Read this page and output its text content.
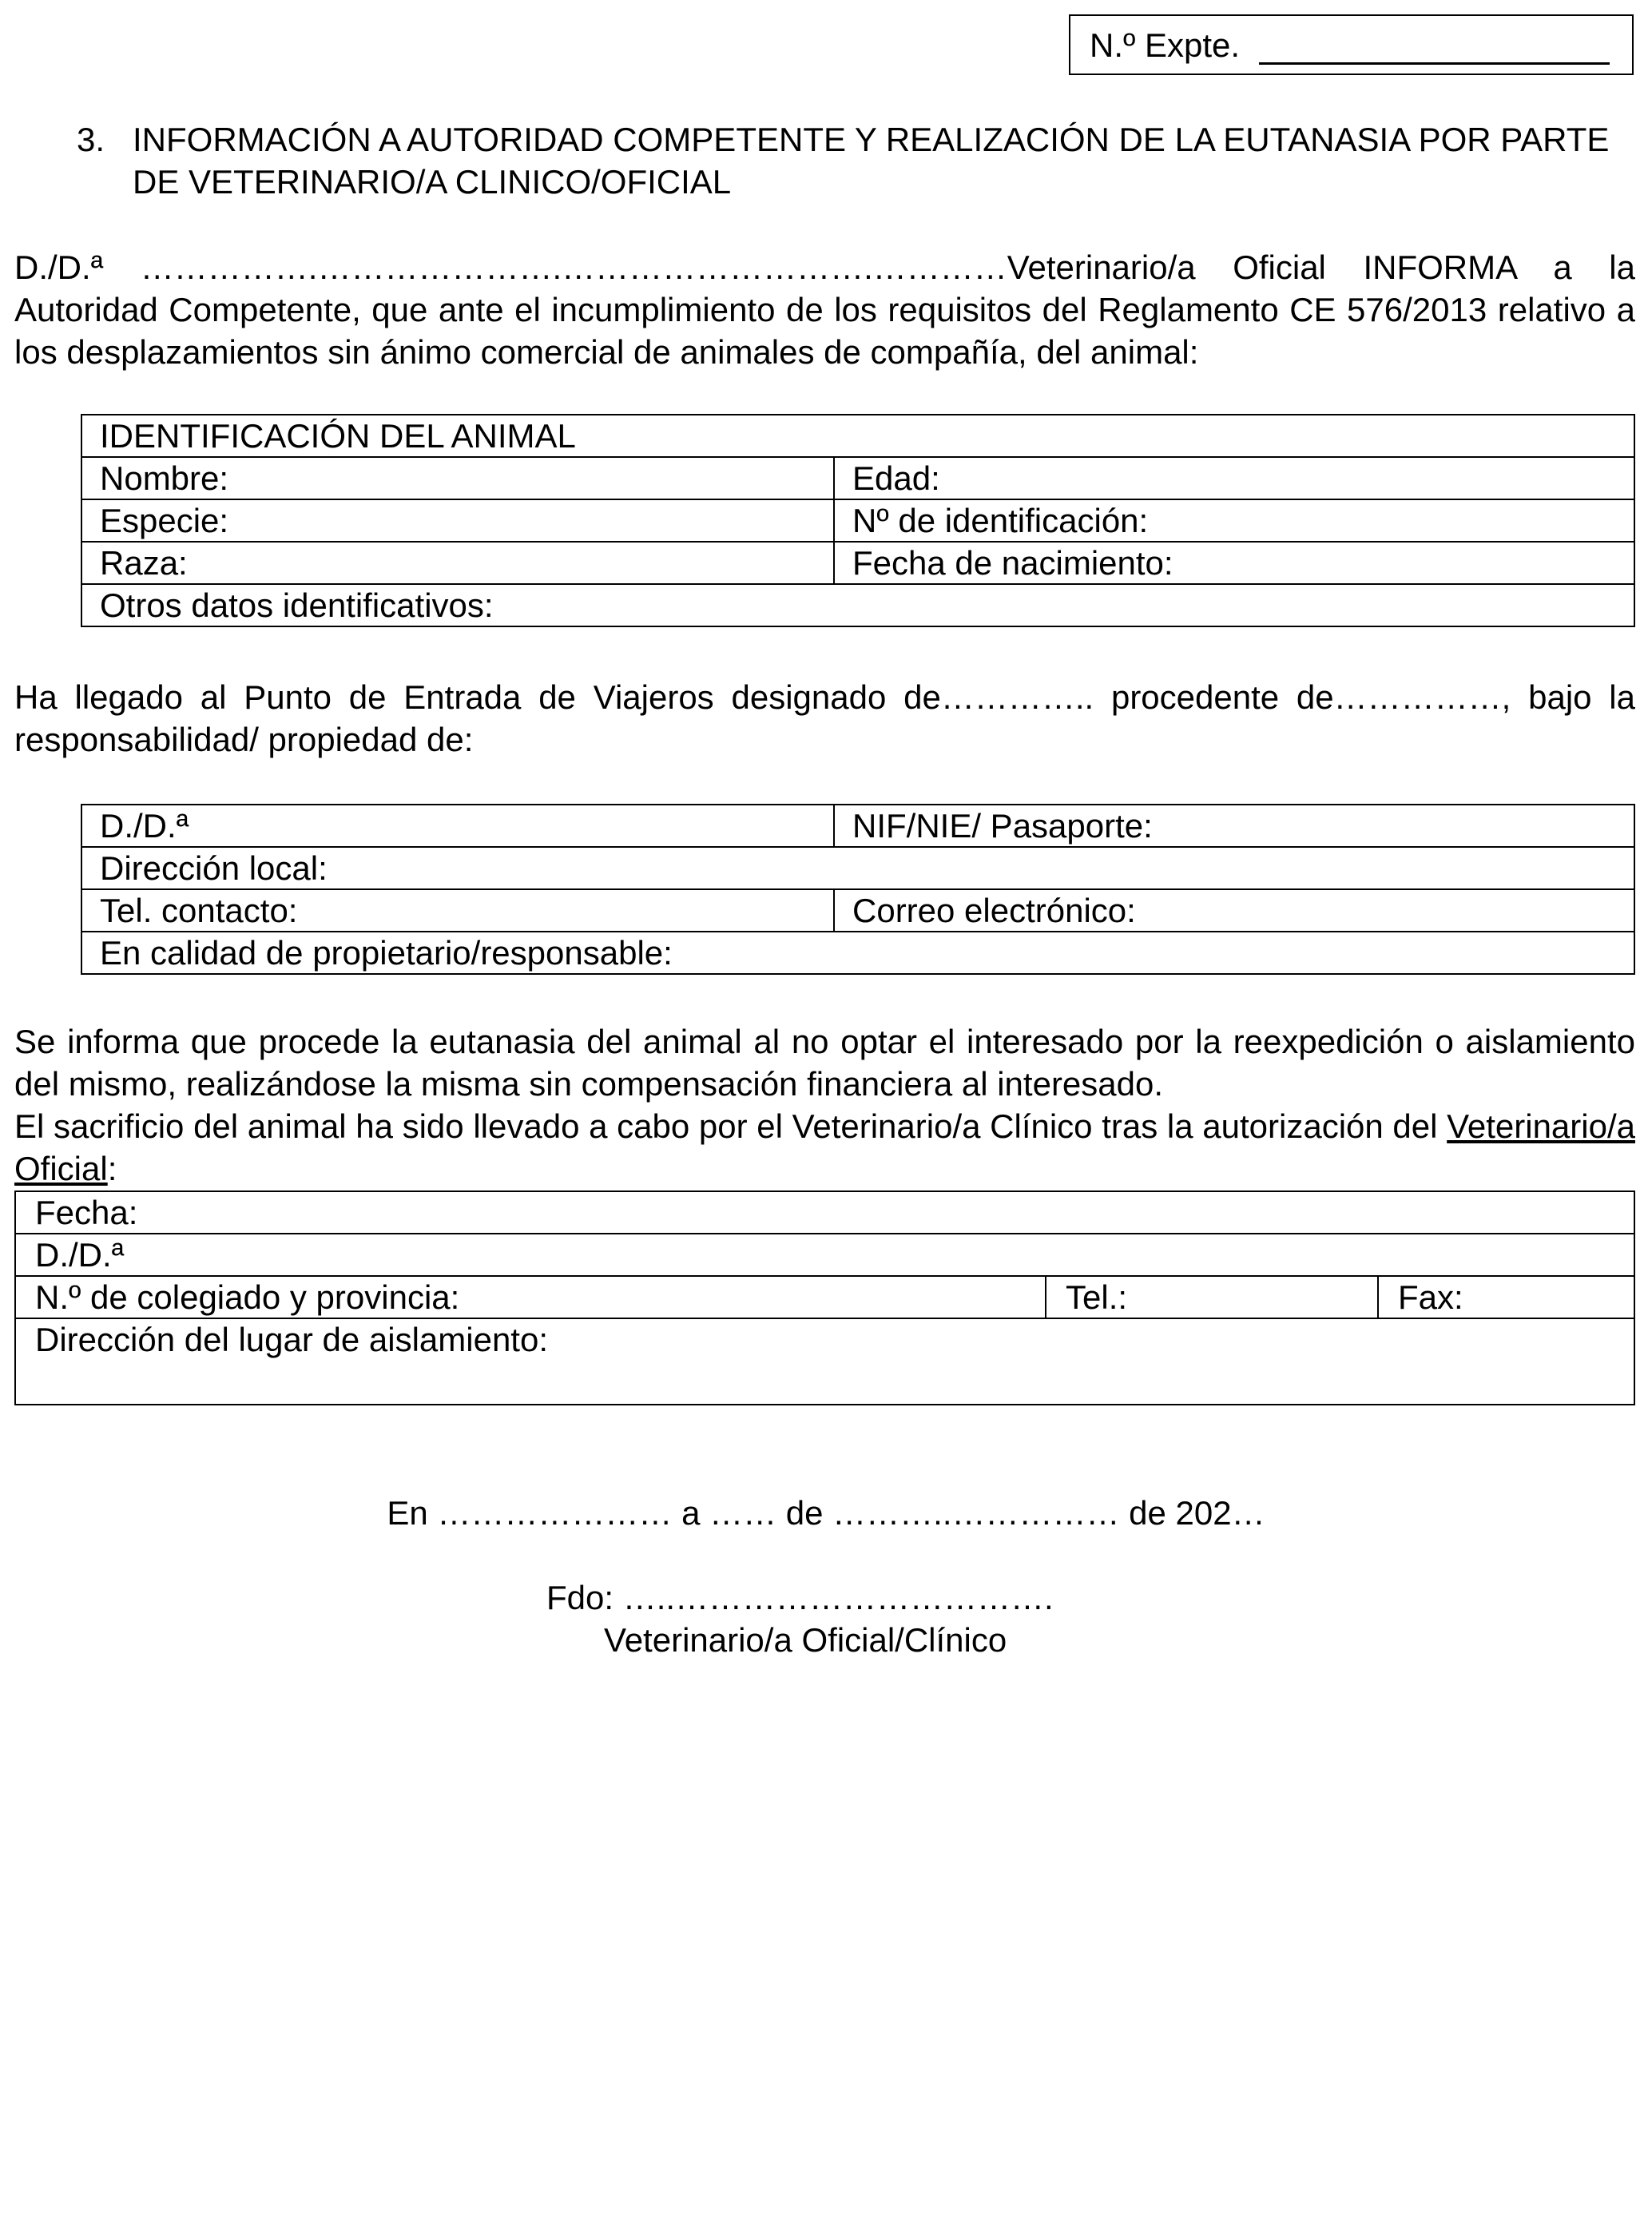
N.º Expte.
3. INFORMACIÓN A AUTORIDAD COMPETENTE Y REALIZACIÓN DE LA EUTANASIA POR PARTE DE VETERINARIO/A CLINICO/OFICIAL

D./D.ª …………….………………….……………………….…………Veterinario/a Oficial INFORMA a la Autoridad Competente, que ante el incumplimiento de los requisitos del Reglamento CE 576/2013 relativo a los desplazamientos sin ánimo comercial de animales de compañía, del animal:

IDENTIFICACIÓN DEL ANIMAL	
Nombre:	Edad:
Especie:	Nº de identificación:
Raza:	Fecha de nacimiento:
Otros datos identificativos:	

Ha llegado al Punto de Entrada de Viajeros designado de………….. procedente de……………, bajo la responsabilidad/ propiedad de:

D./D.ª	NIF/NIE/ Pasaporte:
Dirección local:	
Tel. contacto:	Correo electrónico:
En calidad de propietario/responsable:	

Se informa que procede la eutanasia del animal al no optar el interesado por la reexpedición o aislamiento del mismo, realizándose la misma sin compensación financiera al interesado.

El sacrificio del animal ha sido llevado a cabo por el Veterinario/a Clínico tras la autorización del Veterinario/a Oficial:

Fecha:
D./D.ª
N.º de colegiado y provincia:	Tel.:	Fax:
Dirección del lugar de aislamiento:
En ………………… a …… de ………..…………… de 202…
Fdo: …..…………………………….
Veterinario/a Oficial/Clínico
